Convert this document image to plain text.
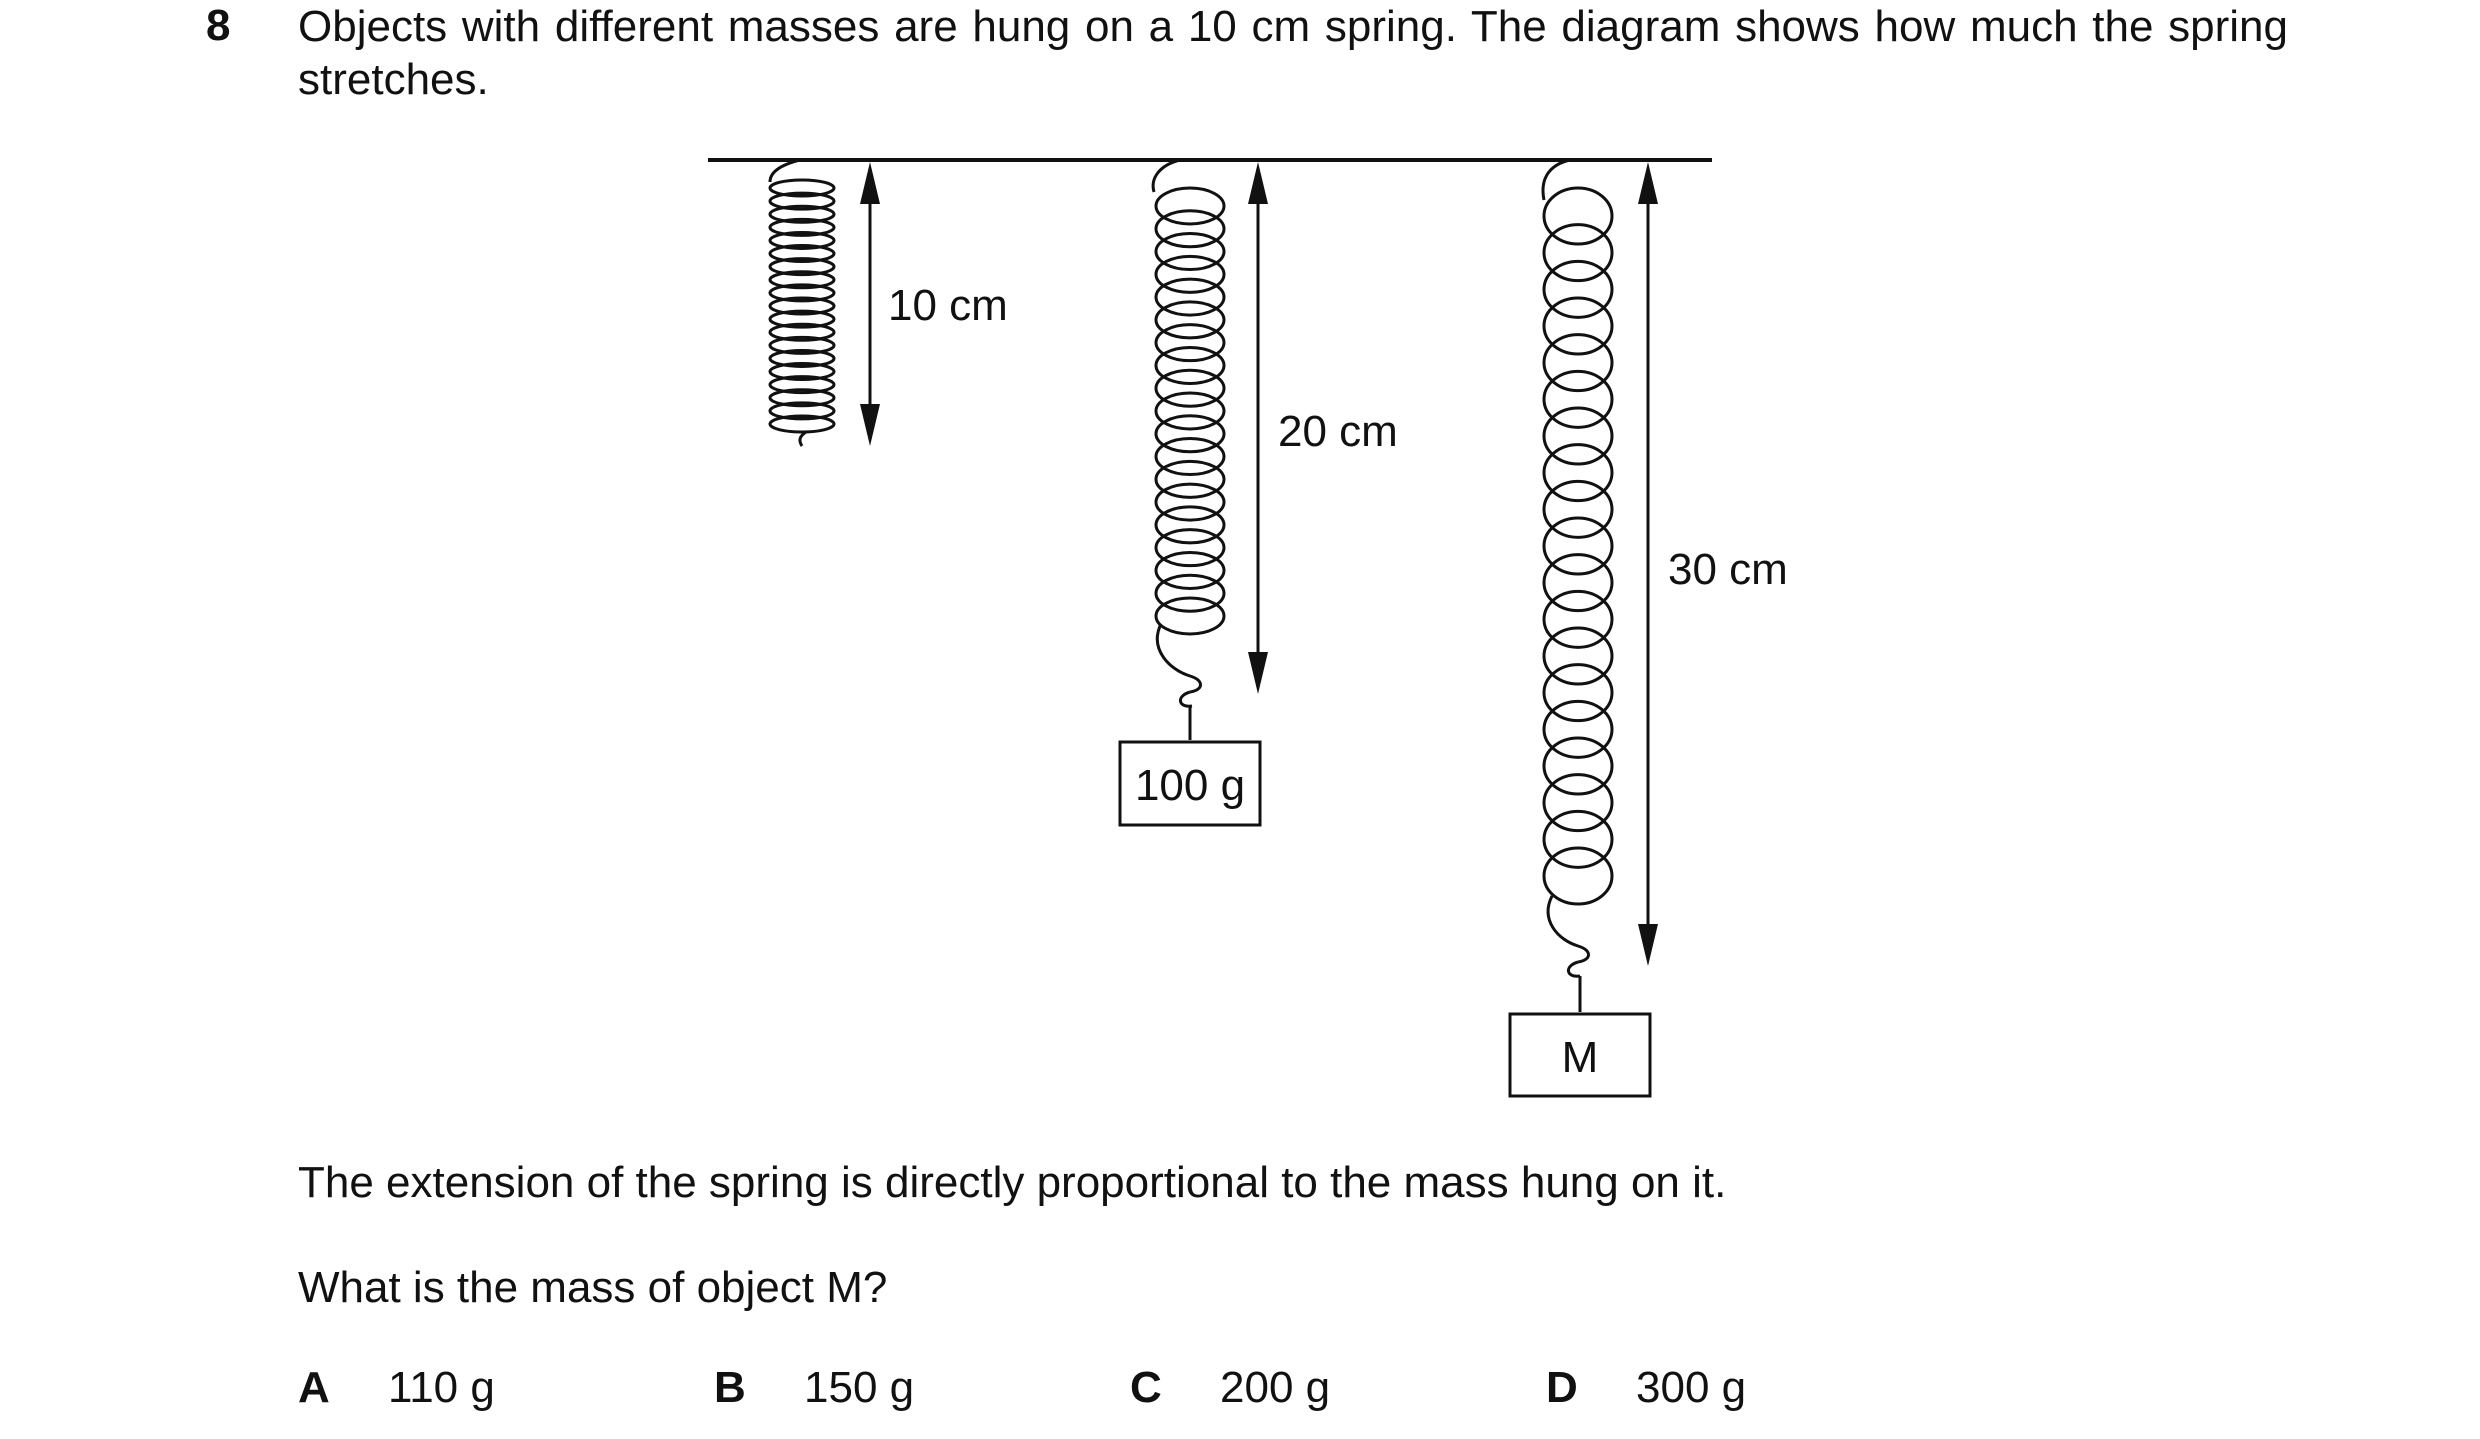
8 Objects with different masses are hung on a 10 cm spring. The diagram shows how much the spring stretches.
10 cm
20 cm
100 g
30 cm
M
The extension of the spring is directly proportional to the mass hung on it.
What is the mass of object M?
A 110 g	B 150 g	C 200 g	D 300 g
